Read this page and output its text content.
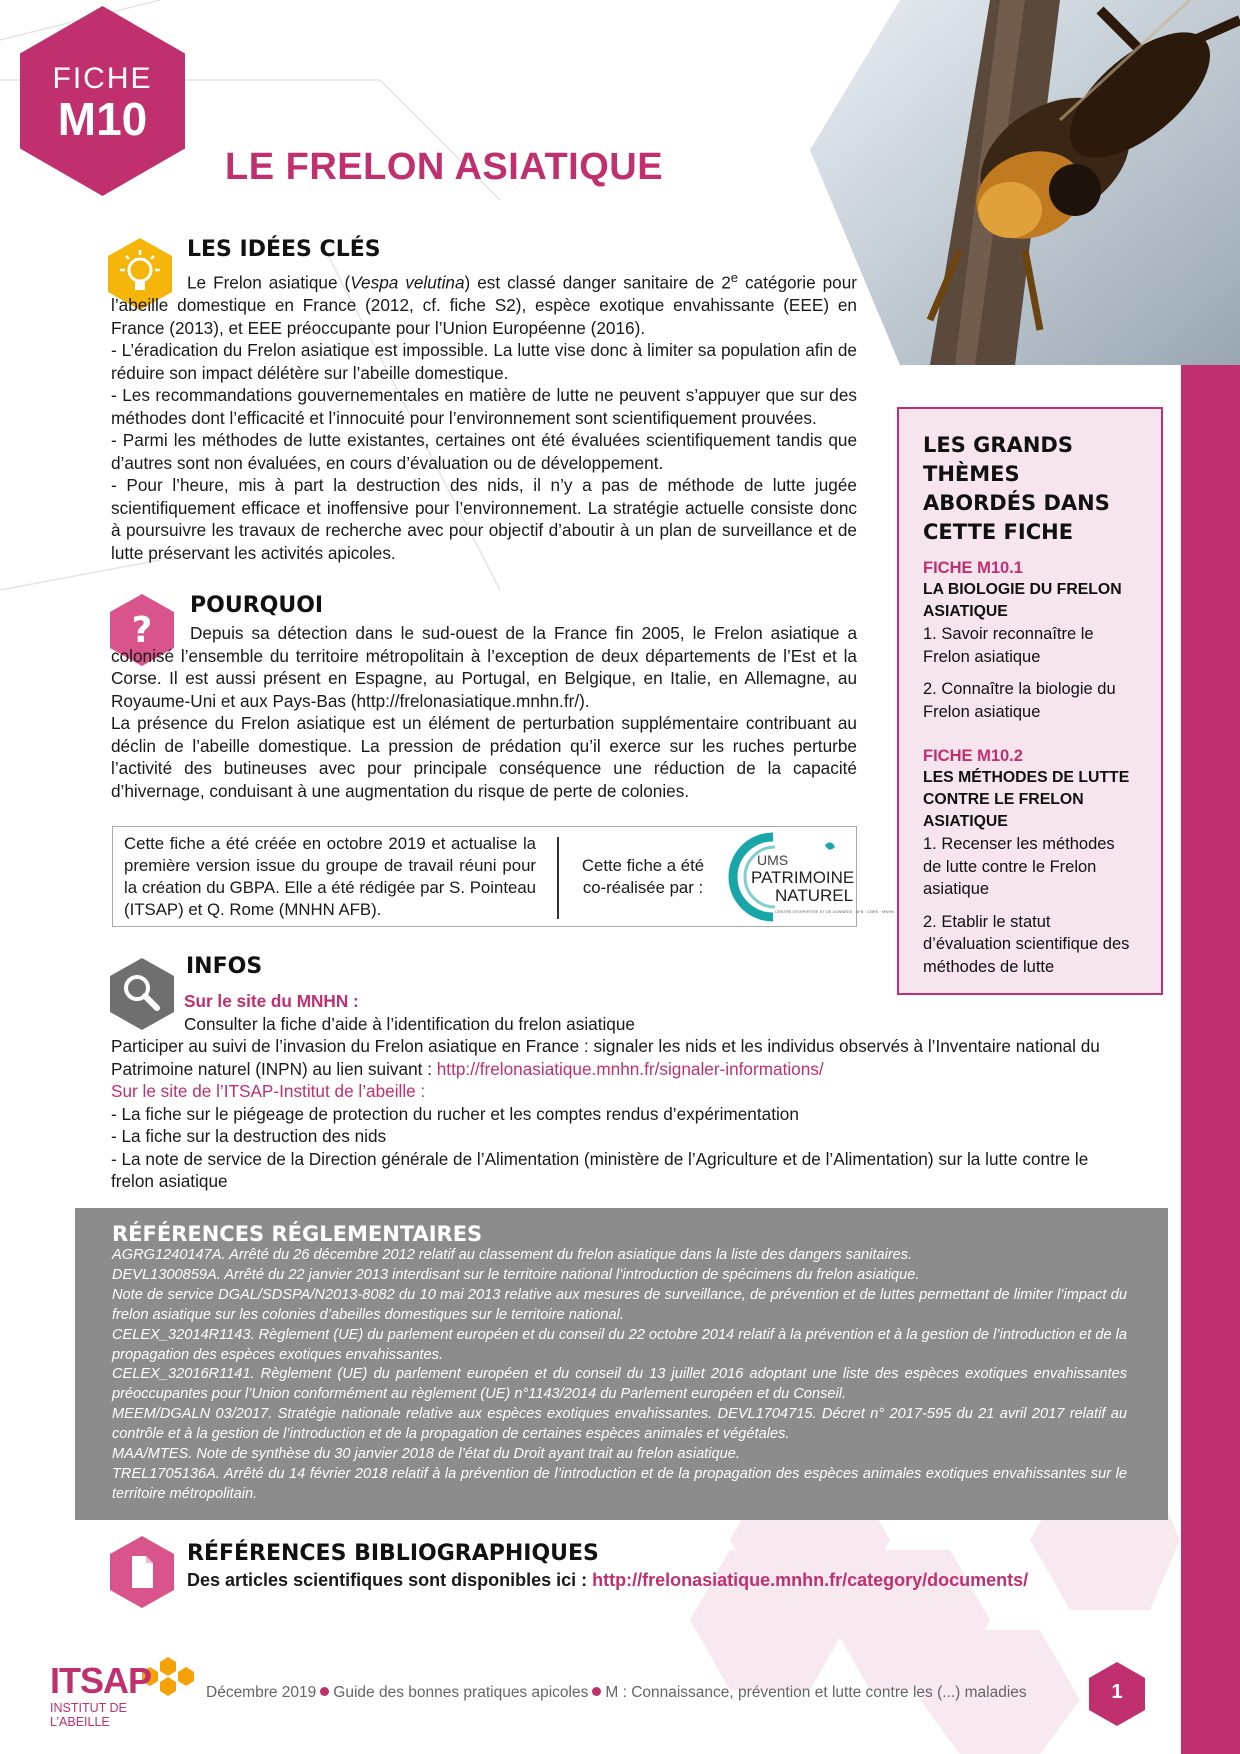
FICHE
M10
LE FRELON ASIATIQUE
LES IDÉES CLÉS

Le Frelon asiatique (Vespa velutina) est classé danger sanitaire de 2e catégorie pour l’abeille domestique en France (2012, cf. fiche S2), espèce exotique envahissante (EEE) en France (2013), et EEE préoccupante pour l’Union Européenne (2016).

- L’éradication du Frelon asiatique est impossible. La lutte vise donc à limiter sa population afin de réduire son impact délétère sur l’abeille domestique.

- Les recommandations gouvernementales en matière de lutte ne peuvent s’appuyer que sur des méthodes dont l’efficacité et l’innocuité pour l’environnement sont scientifiquement prouvées.

- Parmi les méthodes de lutte existantes, certaines ont été évaluées scientifiquement tandis que d’autres sont non évaluées, en cours d’évaluation ou de développement.

- Pour l’heure, mis à part la destruction des nids, il n’y a pas de méthode de lutte jugée scientifiquement efficace et inoffensive pour l’environnement. La stratégie actuelle consiste donc à poursuivre les travaux de recherche avec pour objectif d’aboutir à un plan de surveillance et de lutte préservant les activités apicoles.

?
POURQUOI

Depuis sa détection dans le sud-ouest de la France fin 2005, le Frelon asiatique a colonisé l’ensemble du territoire métropolitain à l’exception de deux départements de l’Est et la Corse. Il est aussi présent en Espagne, au Portugal, en Belgique, en Italie, en Allemagne, au Royaume-Uni et aux Pays-Bas (http://frelonasiatique.mnhn.fr/).

La présence du Frelon asiatique est un élément de perturbation supplémentaire contribuant au déclin de l’abeille domestique. La pression de prédation qu’il exerce sur les ruches perturbe l’activité des butineuses avec pour principale conséquence une réduction de la capacité d’hivernage, conduisant à une augmentation du risque de perte de colonies.

Cette fiche a été créée en octobre 2019 et actualise la première version issue du groupe de travail réuni pour la création du GBPA. Elle a été rédigée par S. Pointeau (ITSAP) et Q. Rome (MNHN AFB).
Cette fiche a été co-réalisée par :
UMS
PATRIMOINE
NATUREL
CENTRE D'EXPERTISE ET DE DONNÉES · AFB · CNRS · MNHN
INFOS

Sur le site du MNHN :

Consulter la fiche d’aide à l’identification du frelon asiatique

Participer au suivi de l’invasion du Frelon asiatique en France : signaler les nids et les individus observés à l’Inventaire national du Patrimoine naturel (INPN) au lien suivant : http://frelonasiatique.mnhn.fr/signaler-informations/

Sur le site de l’ITSAP-Institut de l’abeille :

- La fiche sur le piégeage de protection du rucher et les comptes rendus d’expérimentation

- La fiche sur la destruction des nids

- La note de service de la Direction générale de l’Alimentation (ministère de l’Agriculture et de l’Alimentation) sur la lutte contre le frelon asiatique

LES GRANDS THÈMES ABORDÉS DANS CETTE FICHE
FICHE M10.1
LA BIOLOGIE DU FRELON ASIATIQUE
1. Savoir reconnaître le Frelon asiatique
2. Connaître la biologie du Frelon asiatique
FICHE M10.2
LES MÉTHODES DE LUTTE CONTRE LE FRELON ASIATIQUE
1. Recenser les méthodes de lutte contre le Frelon asiatique
2. Etablir le statut d’évaluation scientifique des méthodes de lutte
RÉFÉRENCES RÉGLEMENTAIRES

AGRG1240147A. Arrêté du 26 décembre 2012 relatif au classement du frelon asiatique dans la liste des dangers sanitaires.

DEVL1300859A. Arrêté du 22 janvier 2013 interdisant sur le territoire national l’introduction de spécimens du frelon asiatique.

Note de service DGAL/SDSPA/N2013-8082 du 10 mai 2013 relative aux mesures de surveillance, de prévention et de luttes permettant de limiter l’impact du frelon asiatique sur les colonies d’abeilles domestiques sur le territoire national.

CELEX_32014R1143. Règlement (UE) du parlement européen et du conseil du 22 octobre 2014 relatif à la prévention et à la gestion de l’introduction et de la propagation des espèces exotiques envahissantes.

CELEX_32016R1141. Règlement (UE) du parlement européen et du conseil du 13 juillet 2016 adoptant une liste des espèces exotiques envahissantes préoccupantes pour l’Union conformément au règlement (UE) n°1143/2014 du Parlement européen et du Conseil.

MEEM/DGALN 03/2017. Stratégie nationale relative aux espèces exotiques envahissantes. DEVL1704715. Décret n° 2017-595 du 21 avril 2017 relatif au contrôle et à la gestion de l’introduction et de la propagation de certaines espèces animales et végétales.

MAA/MTES. Note de synthèse du 30 janvier 2018 de l’état du Droit ayant trait au frelon asiatique.

TREL1705136A. Arrêté du 14 février 2018 relatif à la prévention de l’introduction et de la propagation des espèces animales exotiques envahissantes sur le territoire métropolitain.

RÉFÉRENCES BIBLIOGRAPHIQUES
Des articles scientifiques sont disponibles ici : http://frelonasiatique.mnhn.fr/category/documents/
ITSAP
INSTITUT DE L’ABEILLE
Décembre 2019 Guide des bonnes pratiques apicoles M : Connaissance, prévention et lutte contre les (...) maladies	1
